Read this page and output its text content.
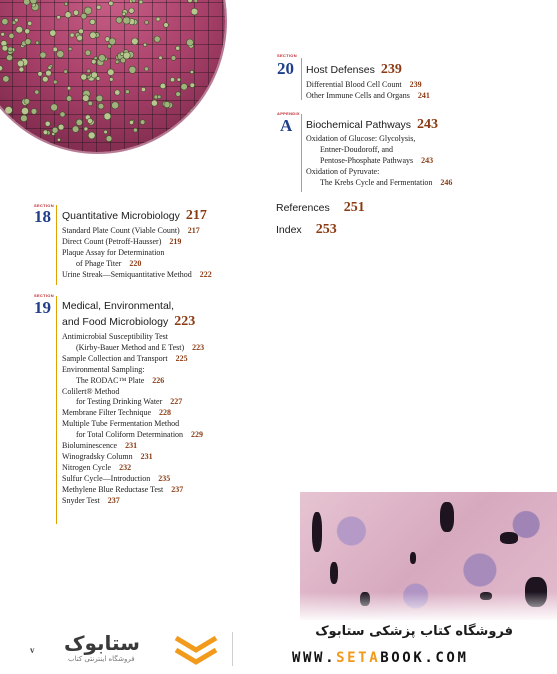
SECTION
20 Host Defenses 239
Differential Blood Cell Count 239
Other Immune Cells and Organs 241
APPENDIX
A Biochemical Pathways 243
Oxidation of Glucose: Glycolysis,
Entner-Doudoroff, and
Pentose-Phosphate Pathways 243
Oxidation of Pyruvate:
The Krebs Cycle and Fermentation 246
References 251
Index 253
SECTION
18 Quantitative Microbiology 217
Standard Plate Count (Viable Count) 217
Direct Count (Petroff-Hausser) 219
Plaque Assay for Determination
of Phage Titer 220
Urine Streak—Semiquantitative Method 222
SECTION
19 Medical, Environmental,
and Food Microbiology 223
Antimicrobial Susceptibility Test
(Kirby-Bauer Method and E Test) 223
Sample Collection and Transport 225
Environmental Sampling:
The RODAC™ Plate 226
Colilert® Method
for Testing Drinking Water 227
Membrane Filter Technique 228
Multiple Tube Fermentation Method
for Total Coliform Determination 229
Bioluminescence 231
Winogradsky Column 231
Nitrogen Cycle 232
Sulfur Cycle—Introduction 235
Methylene Blue Reductase Test 237
Snyder Test 237
v ستابوک
فروشگاه اینترنتی کتاب
فروشگاه کتاب پزشکی ستابوک
WWW.SETABOOK.COM
